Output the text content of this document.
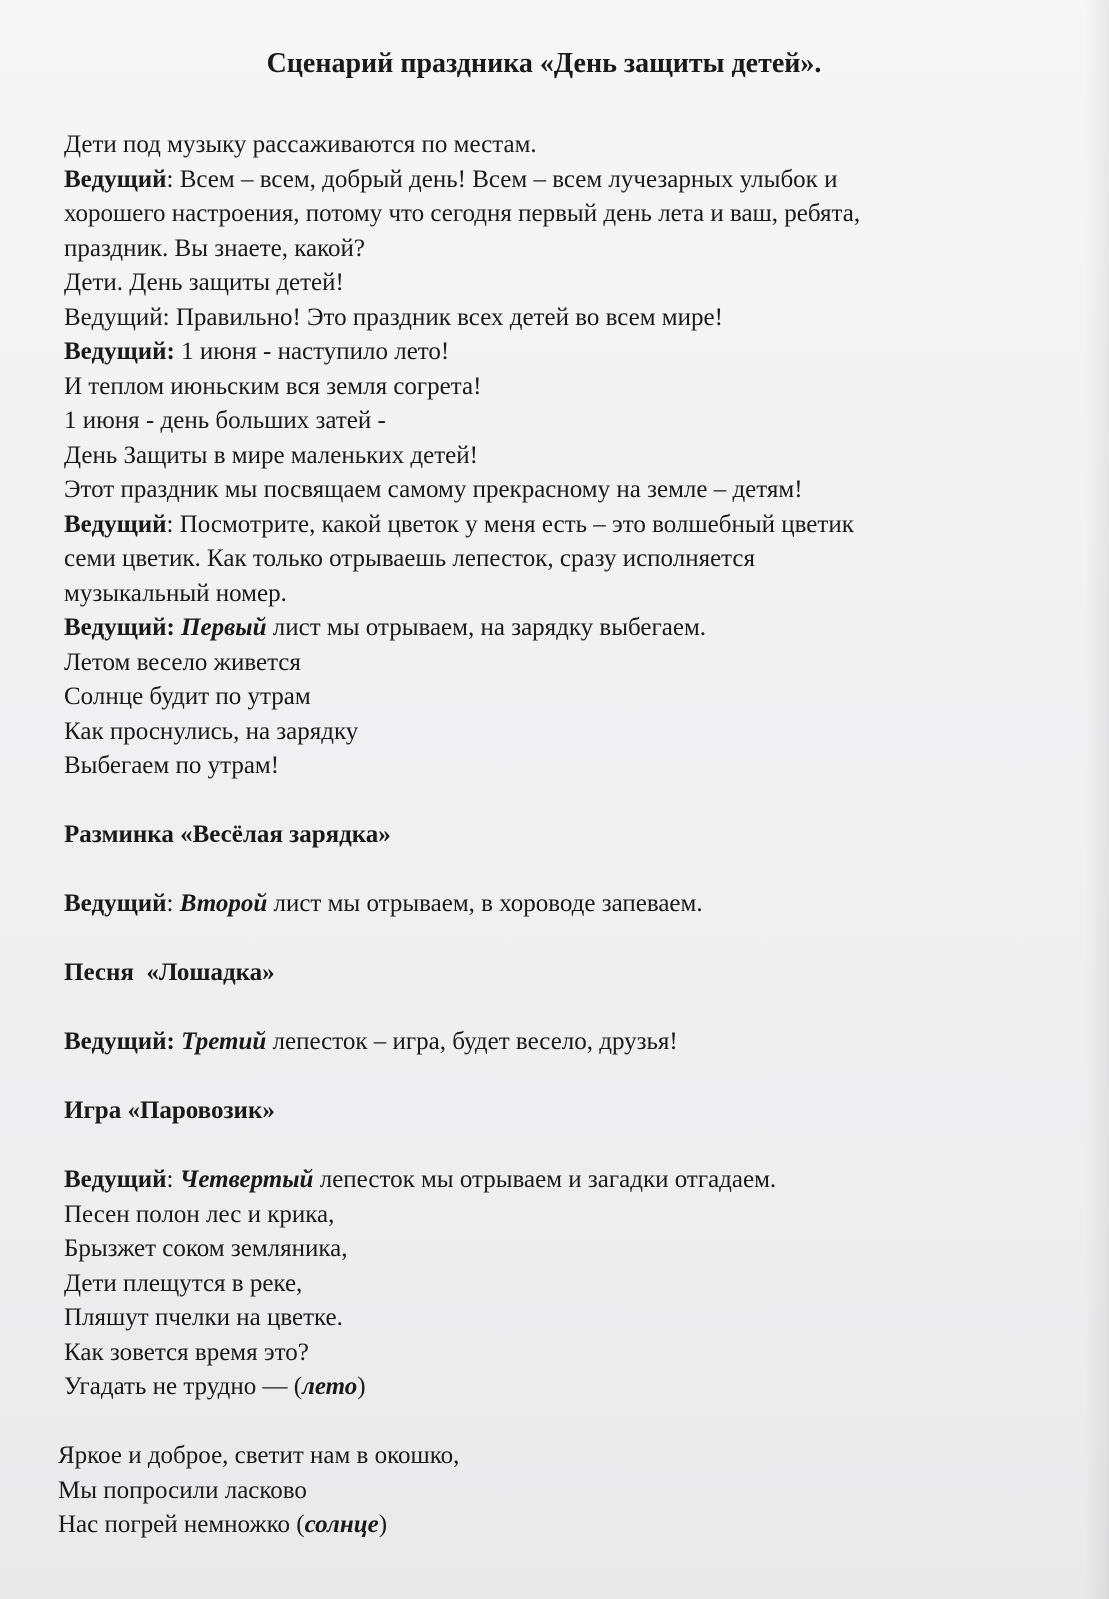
Сценарий праздника «День защиты детей».

Дети под музыку рассаживаются по местам.

Ведущий: Всем – всем, добрый день! Всем – всем лучезарных улыбок и

хорошего настроения, потому что сегодня первый день лета и ваш, ребята,

праздник. Вы знаете, какой?

Дети. День защиты детей!

Ведущий: Правильно! Это праздник всех детей во всем мире!

Ведущий: 1 июня - наступило лето!

И теплом июньским вся земля согрета!

1 июня - день больших затей -

День Защиты в мире маленьких детей!

Этот праздник мы посвящаем самому прекрасному на земле – детям!

Ведущий: Посмотрите, какой цветок у меня есть – это волшебный цветик

семи цветик. Как только отрываешь лепесток, сразу исполняется

музыкальный номер.

Ведущий: Первый лист мы отрываем, на зарядку выбегаем.

Летом весело живется

Солнце будит по утрам

Как проснулись, на зарядку

Выбегаем по утрам!

Разминка «Весёлая зарядка»

Ведущий: Второй лист мы отрываем, в хороводе запеваем.

Песня  «Лошадка»

Ведущий: Третий лепесток – игра, будет весело, друзья!

Игра «Паровозик»

Ведущий: Четвертый лепесток мы отрываем и загадки отгадаем.

Песен полон лес и крика,

Брызжет соком земляника,

Дети плещутся в реке,

Пляшут пчелки на цветке.

Как зовется время это?

Угадать не трудно — (лето)

Яркое и доброе, светит нам в окошко,

Мы попросили ласково

Нас погрей немножко (солнце)
